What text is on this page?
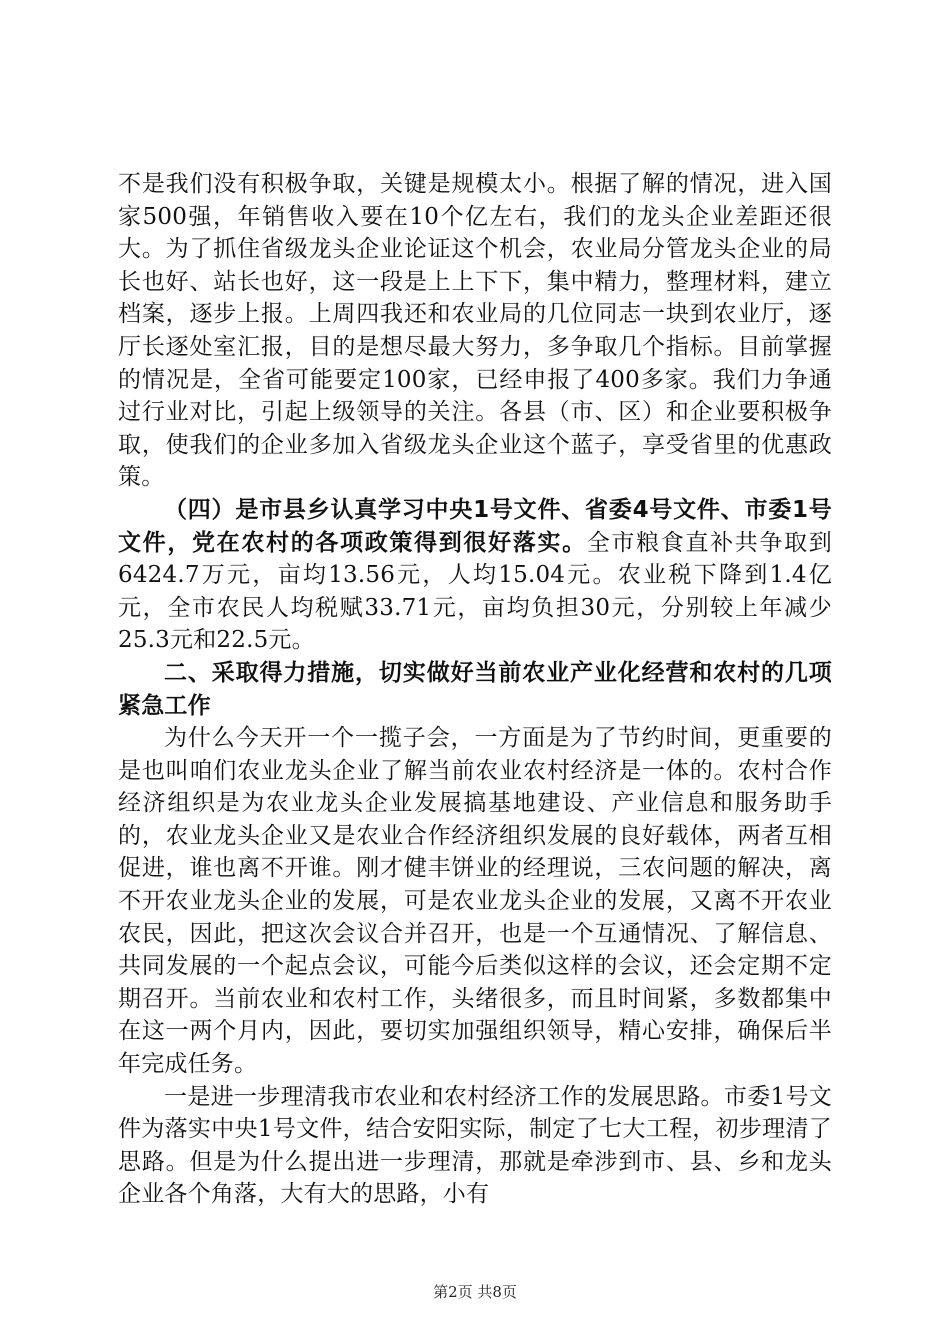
不是我们没有积极争取，关键是规模太小。根据了解的情况，进入国家500强，年销售收入要在10个亿左右，我们的龙头企业差距还很大。为了抓住省级龙头企业论证这个机会，农业局分管龙头企业的局长也好、站长也好，这一段是上上下下，集中精力，整理材料，建立档案，逐步上报。上周四我还和农业局的几位同志一块到农业厅，逐厅长逐处室汇报，目的是想尽最大努力，多争取几个指标。目前掌握的情况是，全省可能要定100家，已经申报了400多家。我们力争通过行业对比，引起上级领导的关注。各县（市、区）和企业要积极争取，使我们的企业多加入省级龙头企业这个蓝子，享受省里的优惠政策。

（四）是市县乡认真学习中央1号文件、省委4号文件、市委1号文件，党在农村的各项政策得到很好落实。全市粮食直补共争取到6424.7万元，亩均13.56元，人均15.04元。农业税下降到1.4亿元，全市农民人均税赋33.71元，亩均负担30元，分别较上年减少25.3元和22.5元。

二、采取得力措施，切实做好当前农业产业化经营和农村的几项紧急工作

为什么今天开一个一揽子会，一方面是为了节约时间，更重要的是也叫咱们农业龙头企业了解当前农业农村经济是一体的。农村合作经济组织是为农业龙头企业发展搞基地建设、产业信息和服务助手的，农业龙头企业又是农业合作经济组织发展的良好载体，两者互相促进，谁也离不开谁。刚才健丰饼业的经理说，三农问题的解决，离不开农业龙头企业的发展，可是农业龙头企业的发展，又离不开农业农民，因此，把这次会议合并召开，也是一个互通情况、了解信息、共同发展的一个起点会议，可能今后类似这样的会议，还会定期不定期召开。当前农业和农村工作，头绪很多，而且时间紧，多数都集中在这一两个月内，因此，要切实加强组织领导，精心安排，确保后半年完成任务。

一是进一步理清我市农业和农村经济工作的发展思路。市委1号文件为落实中央1号文件，结合安阳实际，制定了七大工程，初步理清了思路。但是为什么提出进一步理清，那就是牵涉到市、县、乡和龙头企业各个角落，大有大的思路，小有

第2页 共8页
